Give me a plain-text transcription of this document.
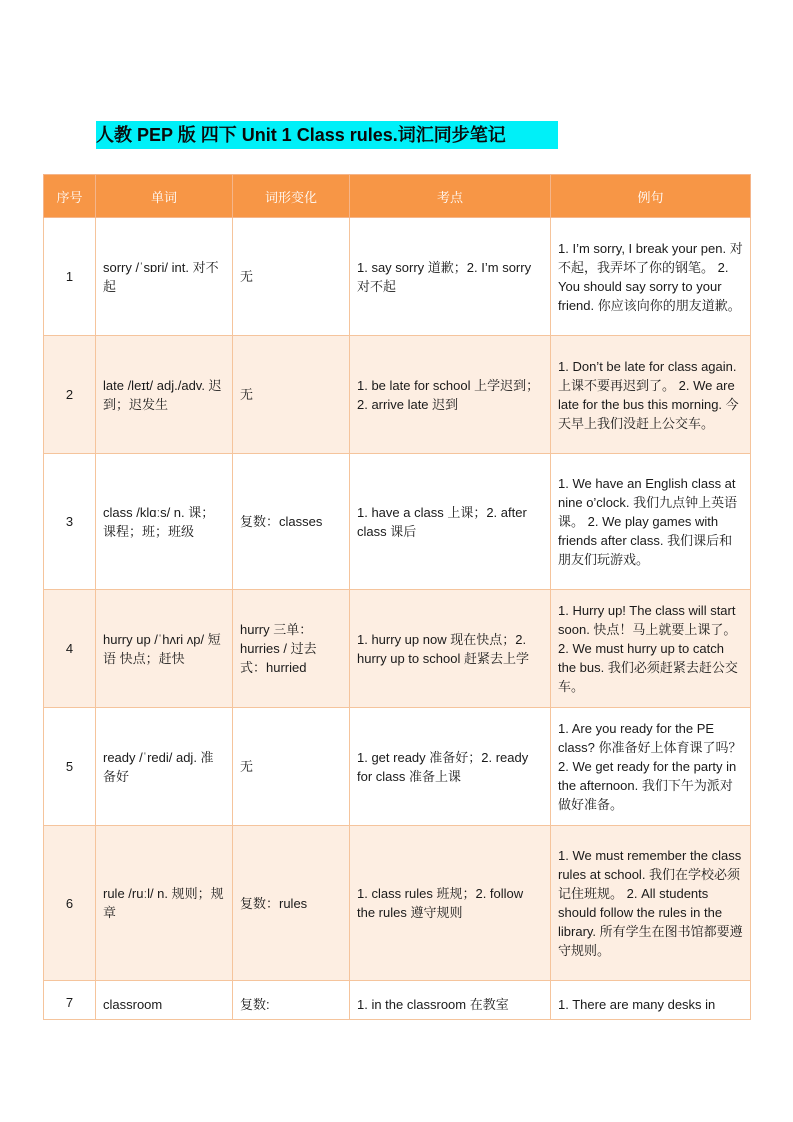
人教 PEP 版 四下 Unit 1 Class rules.词汇同步笔记
序号	单词	词形变化	考点	例句
1	sorry /ˈsɒri/ int. 对不起	无	1. say sorry 道歉；2. I’m sorry 对不起	1. I’m sorry, I break your pen. 对不起，我弄坏了你的钢笔。 2. You should say sorry to your friend. 你应该向你的朋友道歉。
2	late /leɪt/ adj./adv. 迟到；迟发生	无	1. be late for school 上学迟到；2. arrive late 迟到	1. Don’t be late for class again. 上课不要再迟到了。 2. We are late for the bus this morning. 今天早上我们没赶上公交车。
3	class /klɑːs/ n. 课；课程；班；班级	复数：classes	1. have a class 上课；2. after class 课后	1. We have an English class at nine o’clock. 我们九点钟上英语课。 2. We play games with friends after class. 我们课后和朋友们玩游戏。
4	hurry up /ˈhʌri ʌp/ 短语 快点；赶快	hurry 三单：hurries / 过去式：hurried	1. hurry up now 现在快点；2. hurry up to school 赶紧去上学	1. Hurry up! The class will start soon. 快点！马上就要上课了。 2. We must hurry up to catch the bus. 我们必须赶紧去赶公交车。
5	ready /ˈredi/ adj. 准备好	无	1. get ready 准备好；2. ready for class 准备上课	1. Are you ready for the PE class? 你准备好上体育课了吗？ 2. We get ready for the party in the afternoon. 我们下午为派对做好准备。
6	rule /ruːl/ n. 规则；规章	复数：rules	1. class rules 班规；2. follow the rules 遵守规则	1. We must remember the class rules at school. 我们在学校必须记住班规。 2. All students should follow the rules in the library. 所有学生在图书馆都要遵守规则。
7	classroom	复数:	1. in the classroom 在教室	1. There are many desks in
